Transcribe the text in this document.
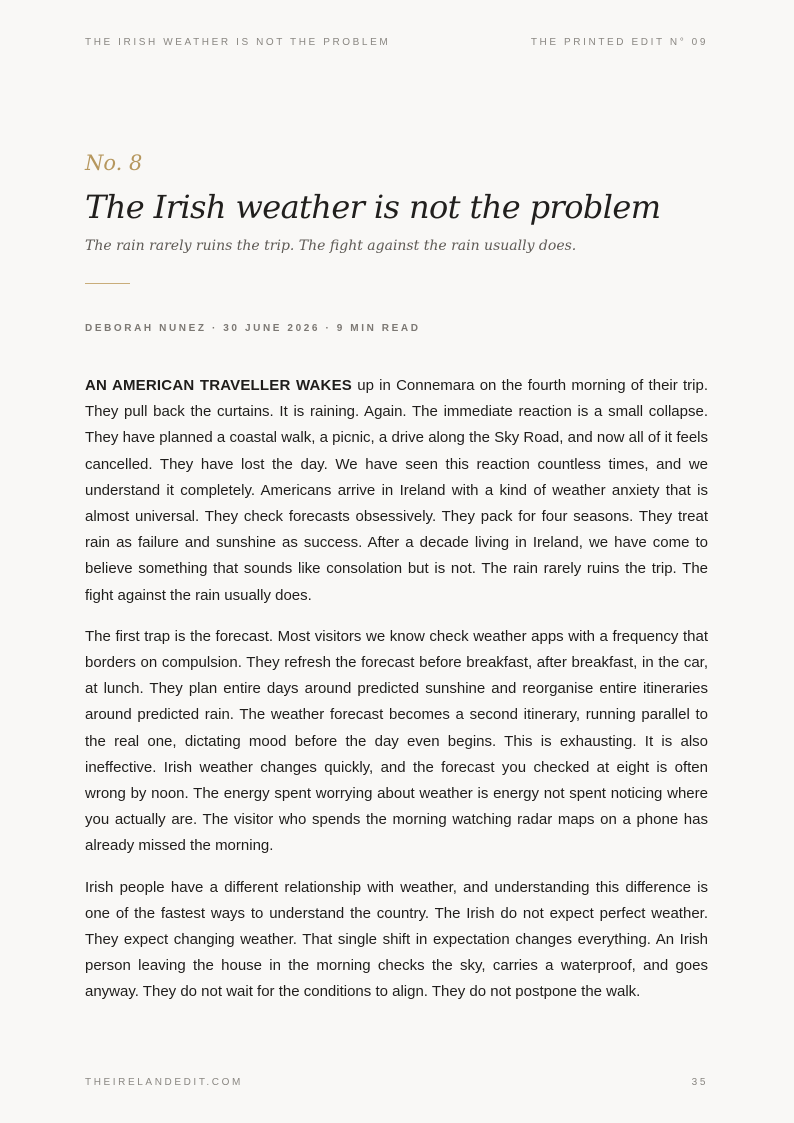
THE IRISH WEATHER IS NOT THE PROBLEM	THE PRINTED EDIT N° 09
No. 8
The Irish weather is not the problem
The rain rarely ruins the trip. The fight against the rain usually does.
DEBORAH NUNEZ · 30 JUNE 2026 · 9 MIN READ

AN AMERICAN TRAVELLER WAKES up in Connemara on the fourth morning of their trip. They pull back the curtains. It is raining. Again. The immediate reaction is a small collapse. They have planned a coastal walk, a picnic, a drive along the Sky Road, and now all of it feels cancelled. They have lost the day. We have seen this reaction countless times, and we understand it completely. Americans arrive in Ireland with a kind of weather anxiety that is almost universal. They check forecasts obsessively. They pack for four seasons. They treat rain as failure and sunshine as success. After a decade living in Ireland, we have come to believe something that sounds like consolation but is not. The rain rarely ruins the trip. The fight against the rain usually does.

The first trap is the forecast. Most visitors we know check weather apps with a frequency that borders on compulsion. They refresh the forecast before breakfast, after breakfast, in the car, at lunch. They plan entire days around predicted sunshine and reorganise entire itineraries around predicted rain. The weather forecast becomes a second itinerary, running parallel to the real one, dictating mood before the day even begins. This is exhausting. It is also ineffective. Irish weather changes quickly, and the forecast you checked at eight is often wrong by noon. The energy spent worrying about weather is energy not spent noticing where you actually are. The visitor who spends the morning watching radar maps on a phone has already missed the morning.

Irish people have a different relationship with weather, and understanding this difference is one of the fastest ways to understand the country. The Irish do not expect perfect weather. They expect changing weather. That single shift in expectation changes everything. An Irish person leaving the house in the morning checks the sky, carries a waterproof, and goes anyway. They do not wait for the conditions to align. They do not postpone the walk.

THEIRELANDEDIT.COM	35
